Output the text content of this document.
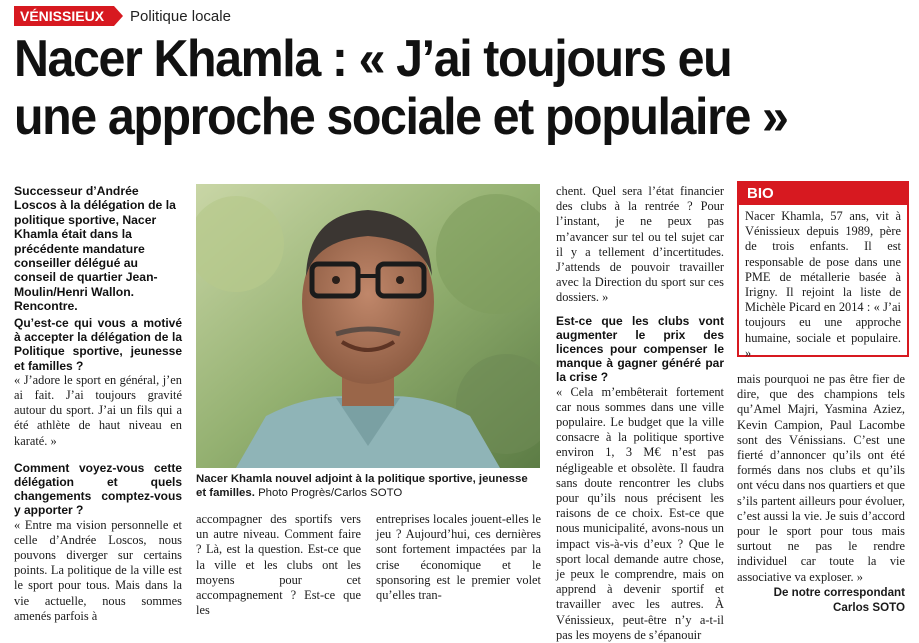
VÉNISSIEUX	Politique locale
Nacer Khamla : « J’ai toujours eu
une approche sociale et populaire »
Successeur d’Andrée Loscos à la délégation de la politique sportive, Nacer Khamla était dans la précédente mandature conseiller délégué au conseil de quartier Jean-Moulin/Henri Wallon. Rencontre.

Qu’est-ce qui vous a motivé à accepter la délégation de la Politique sportive, jeunesse et familles ?

« J’adore le sport en général, j’en ai fait. J’ai toujours gravité autour du sport. J’ai un fils qui a été athlète de haut niveau en karaté. »

Comment voyez-vous cette délégation et quels changements comptez-vous y apporter ?

« Entre ma vision personnelle et celle d’Andrée Loscos, nous pouvons diverger sur certains points. La politique de la ville est le sport pour tous. Mais dans la vie actuelle, nous sommes amenés parfois à

Nacer Khamla nouvel adjoint à la politique sportive, jeunesse et familles. Photo Progrès/Carlos SOTO
accompagner des sportifs vers un autre niveau. Comment faire ? Là, est la question. Est-ce que la ville et les clubs ont les moyens pour cet accompagnement ? Est-ce que les
entreprises locales jouent-elles le jeu ? Aujourd’hui, ces dernières sont fortement impactées par la crise économique et le sponsoring est le premier volet qu’elles tran-

chent. Quel sera l’état financier des clubs à la rentrée ? Pour l’instant, je ne peux pas m’avancer sur tel ou tel sujet car il y a tellement d’incertitudes. J’attends de pouvoir travailler avec la Direction du sport sur ces dossiers. »

Est-ce que les clubs vont augmenter le prix des licences pour compenser le manque à gagner généré par la crise ?

« Cela m’embêterait fortement car nous sommes dans une ville populaire. Le budget que la ville consacre à la politique sportive environ 1, 3 M€ n’est pas négligeable et obsolète. Il faudra sans doute rencontrer les clubs pour qu’ils nous précisent les raisons de ce choix. Est-ce que nous municipalité, avons-nous un impact vis-à-vis d’eux ? Que le sport local demande autre chose, je peux le comprendre, mais on apprend à devenir sportif et travailler avec les autres. À Vénissieux, peut-être n’y a-t-il pas les moyens de s’épanouir

BIO
Nacer Khamla, 57 ans, vit à Vénissieux depuis 1989, père de trois enfants. Il est responsable de pose dans une PME de métallerie basée à Irigny. Il rejoint la liste de Michèle Picard en 2014 : « J’ai toujours eu une approche humaine, sociale et populaire. »

mais pourquoi ne pas être fier de dire, que des champions tels qu’Amel Majri, Yasmina Aziez, Kevin Campion, Paul Lacombe sont des Vénissians. C’est une fierté d’annoncer qu’ils ont été formés dans nos clubs et qu’ils ont vécu dans nos quartiers et que s’ils partent ailleurs pour évoluer, c’est aussi la vie. Je suis d’accord pour le sport pour tous mais surtout ne pas le rendre individuel car toute la vie associative va exploser. »

De notre correspondant
Carlos SOTO
